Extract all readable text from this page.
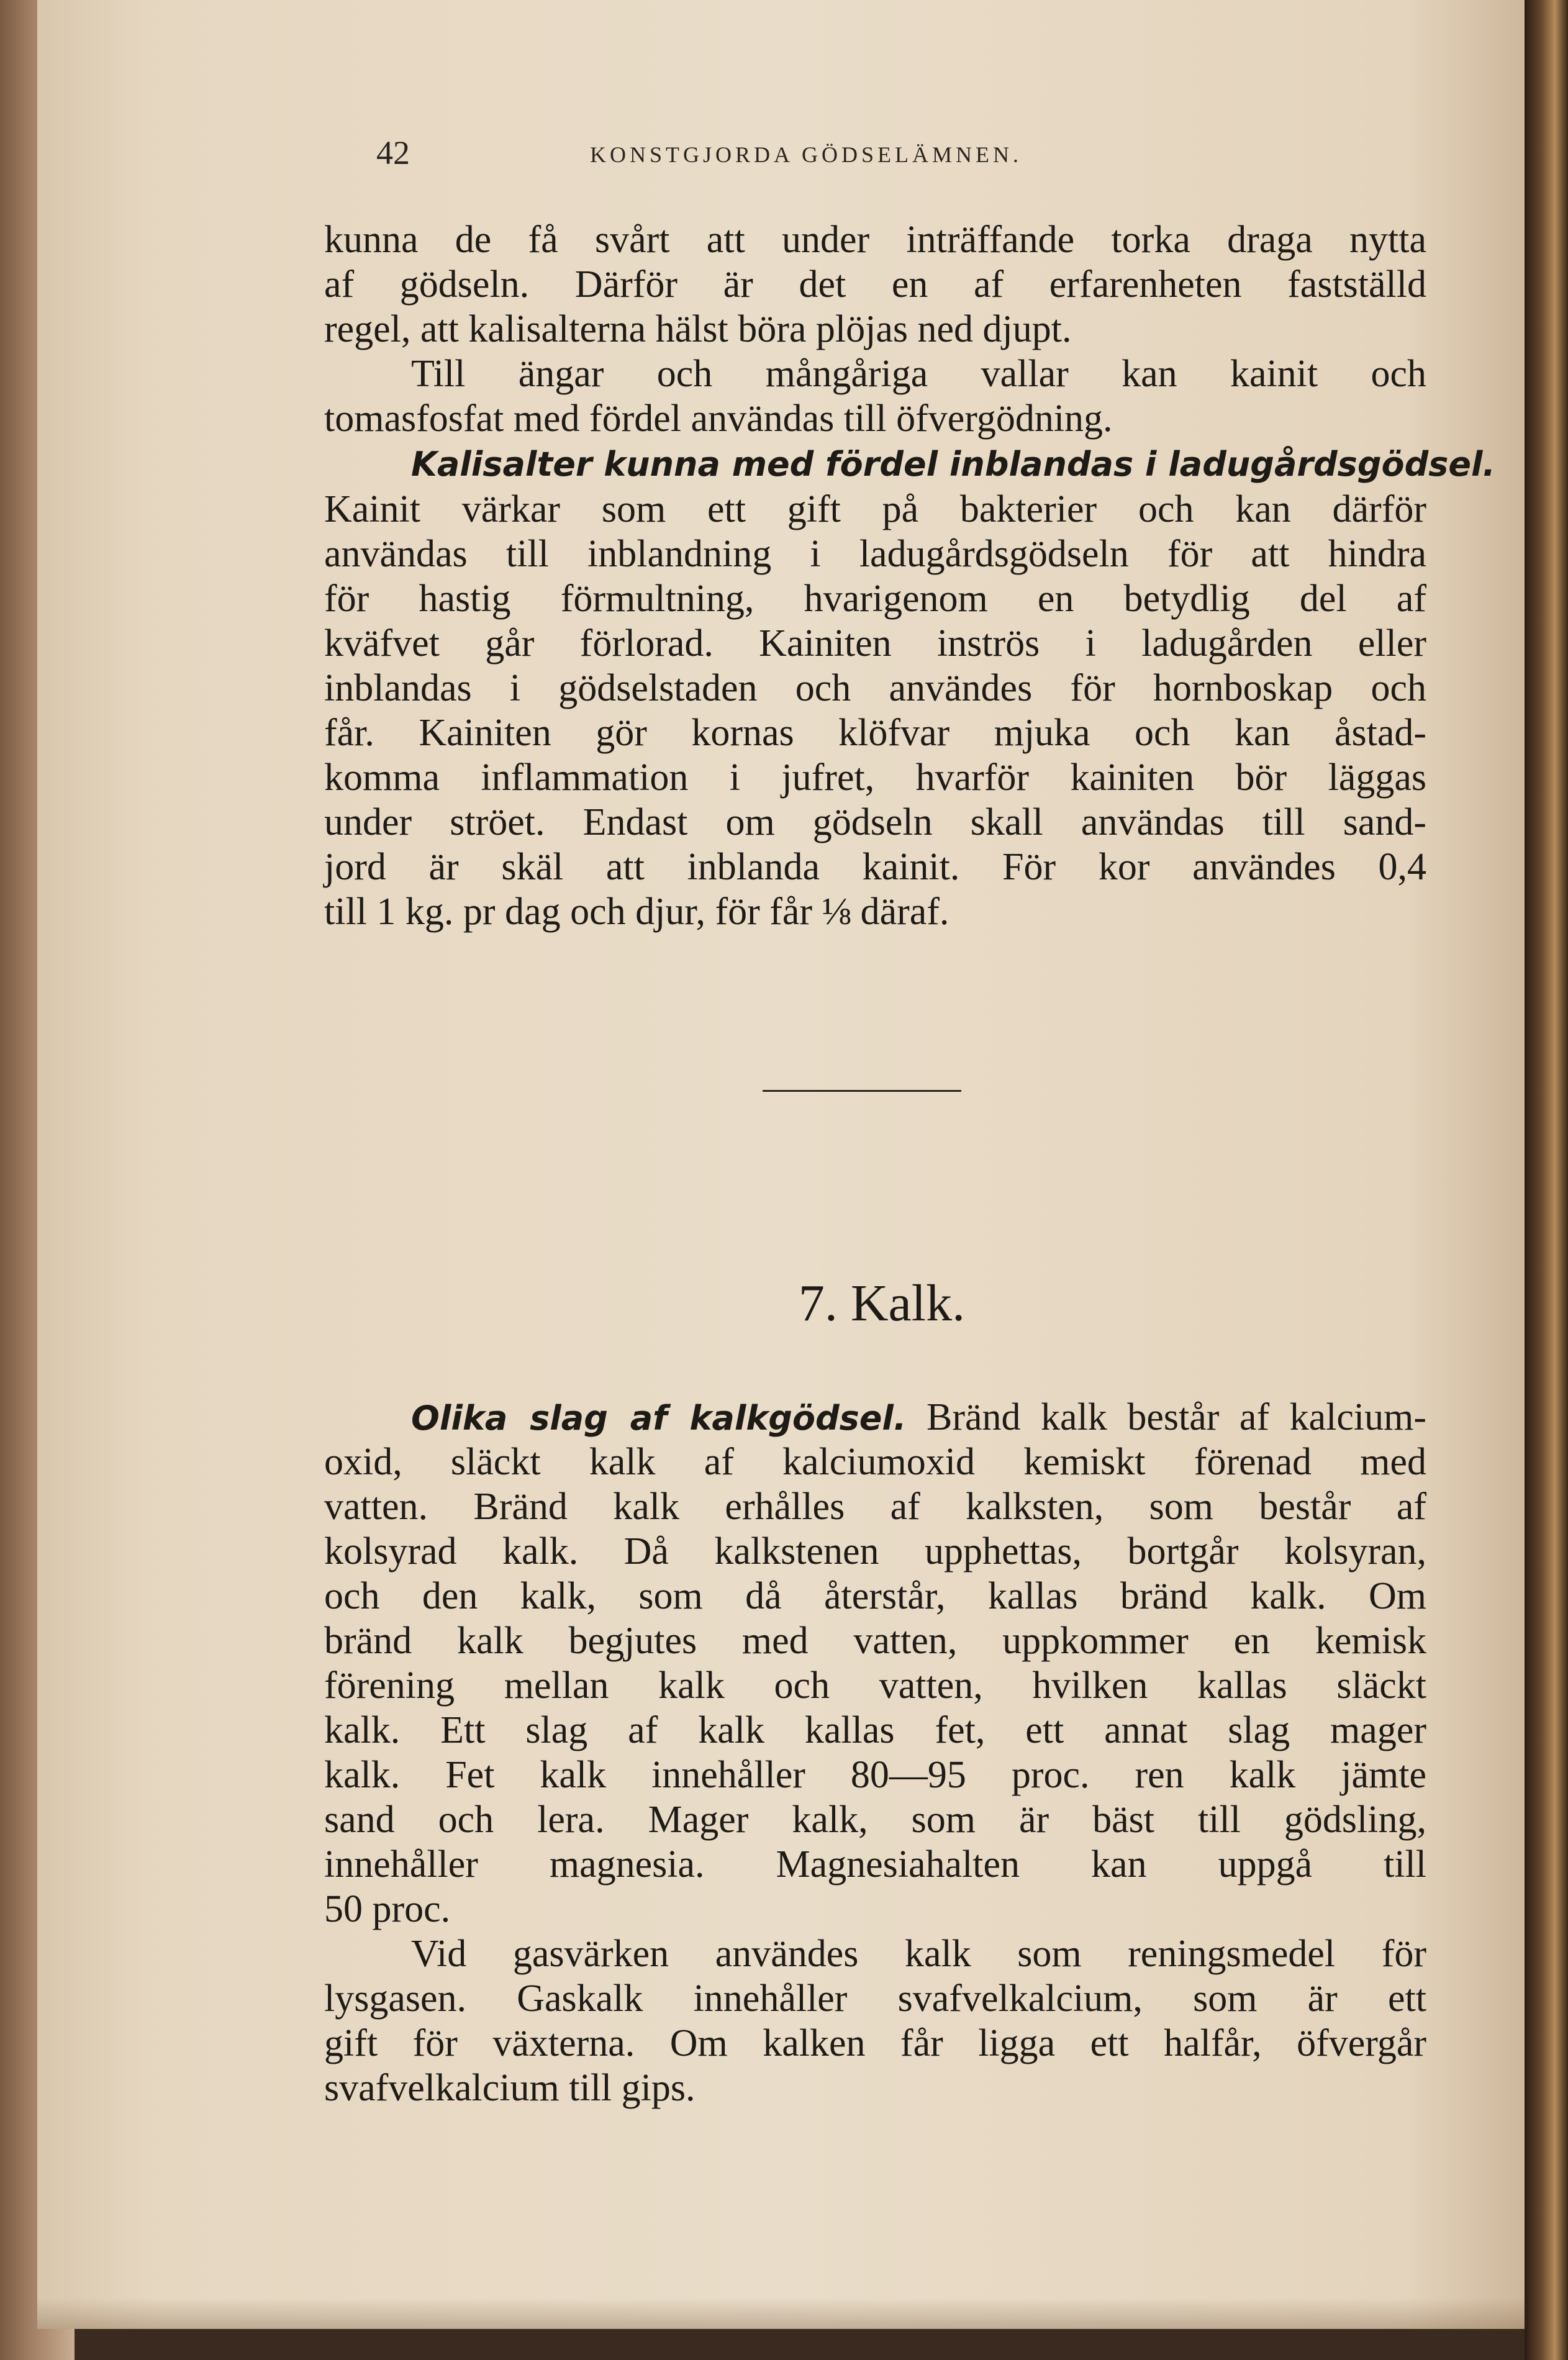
42	KONSTGJORDA GÖDSELÄMNEN.
kunna de få svårt att under inträffande torka draga nytta
af gödseln. Därför är det en af erfarenheten fastställd
regel, att kalisalterna hälst böra plöjas ned djupt.
Till ängar och mångåriga vallar kan kainit och
tomasfosfat med fördel användas till öfvergödning.
Kalisalter kunna med fördel inblandas i ladugårdsgödsel.
Kainit värkar som ett gift på bakterier och kan därför
användas till inblandning i ladugårdsgödseln för att hindra
för hastig förmultning, hvarigenom en betydlig del af
kväfvet går förlorad. Kainiten inströs i ladugården eller
inblandas i gödselstaden och användes för hornboskap och
får. Kainiten gör kornas klöfvar mjuka och kan åstad-
komma inflammation i jufret, hvarför kainiten bör läggas
under ströet. Endast om gödseln skall användas till sand-
jord är skäl att inblanda kainit. För kor användes 0,4
till 1 kg. pr dag och djur, för får ⅛ däraf.
7. Kalk.
Olika slag af kalkgödsel. Bränd kalk består af kalcium-
oxid, släckt kalk af kalciumoxid kemiskt förenad med
vatten. Bränd kalk erhålles af kalksten, som består af
kolsyrad kalk. Då kalkstenen upphettas, bortgår kolsyran,
och den kalk, som då återstår, kallas bränd kalk. Om
bränd kalk begjutes med vatten, uppkommer en kemisk
förening mellan kalk och vatten, hvilken kallas släckt
kalk. Ett slag af kalk kallas fet, ett annat slag mager
kalk. Fet kalk innehåller 80—95 proc. ren kalk jämte
sand och lera. Mager kalk, som är bäst till gödsling,
innehåller magnesia. Magnesiahalten kan uppgå till
50 proc.
Vid gasvärken användes kalk som reningsmedel för
lysgasen. Gaskalk innehåller svafvelkalcium, som är ett
gift för växterna. Om kalken får ligga ett halfår, öfvergår
svafvelkalcium till gips.
